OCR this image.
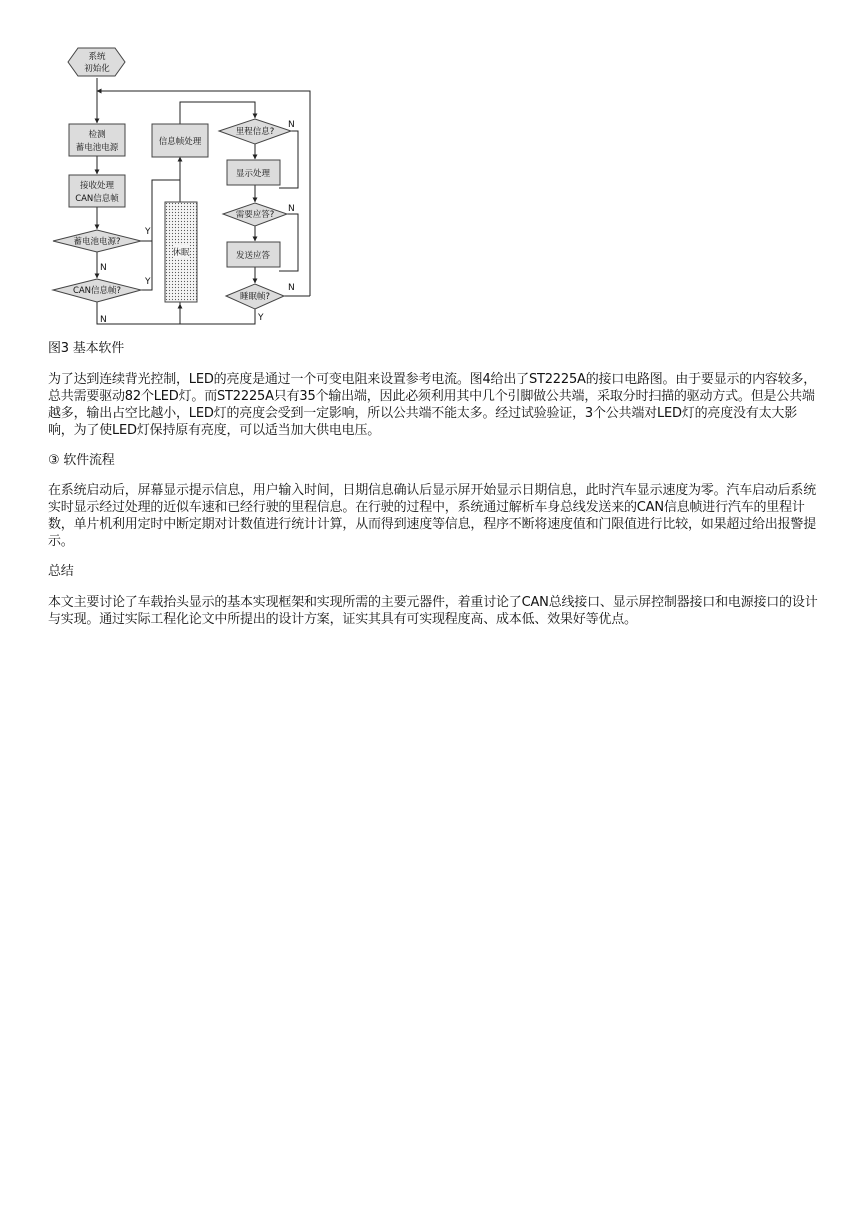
系统
初始化
检测
蓄电池电源
接收处理
CAN信息帧
蓄电池电源?
CAN信息帧?
休眠
信息帧处理
里程信息?
显示处理
需要应答?
发送应答
睡眠帧?
Y
N
Y
N
N
N
N
Y

图3 基本软件

为了达到连续背光控制，LED的亮度是通过一个可变电阻来设置参考电流。图4给出了ST2225A的接口电路图。由于要显示的内容较多，总共需要驱动82个LED灯。而ST2225A只有35个输出端，因此必须利用其中几个引脚做公共端，采取分时扫描的驱动方式。但是公共端越多，输出占空比越小，LED灯的亮度会受到一定影响，所以公共端不能太多。经过试验验证，3个公共端对LED灯的亮度没有太大影响，为了使LED灯保持原有亮度，可以适当加大供电电压。

③ 软件流程

在系统启动后，屏幕显示提示信息，用户输入时间，日期信息确认后显示屏开始显示日期信息，此时汽车显示速度为零。汽车启动后系统实时显示经过处理的近似车速和已经行驶的里程信息。在行驶的过程中，系统通过解析车身总线发送来的CAN信息帧进行汽车的里程计数，单片机利用定时中断定期对计数值进行统计计算，从而得到速度等信息，程序不断将速度值和门限值进行比较，如果超过给出报警提示。

总结

本文主要讨论了车载抬头显示的基本实现框架和实现所需的主要元器件，着重讨论了CAN总线接口、显示屏控制器接口和电源接口的设计与实现。通过实际工程化论文中所提出的设计方案，证实其具有可实现程度高、成本低、效果好等优点。
